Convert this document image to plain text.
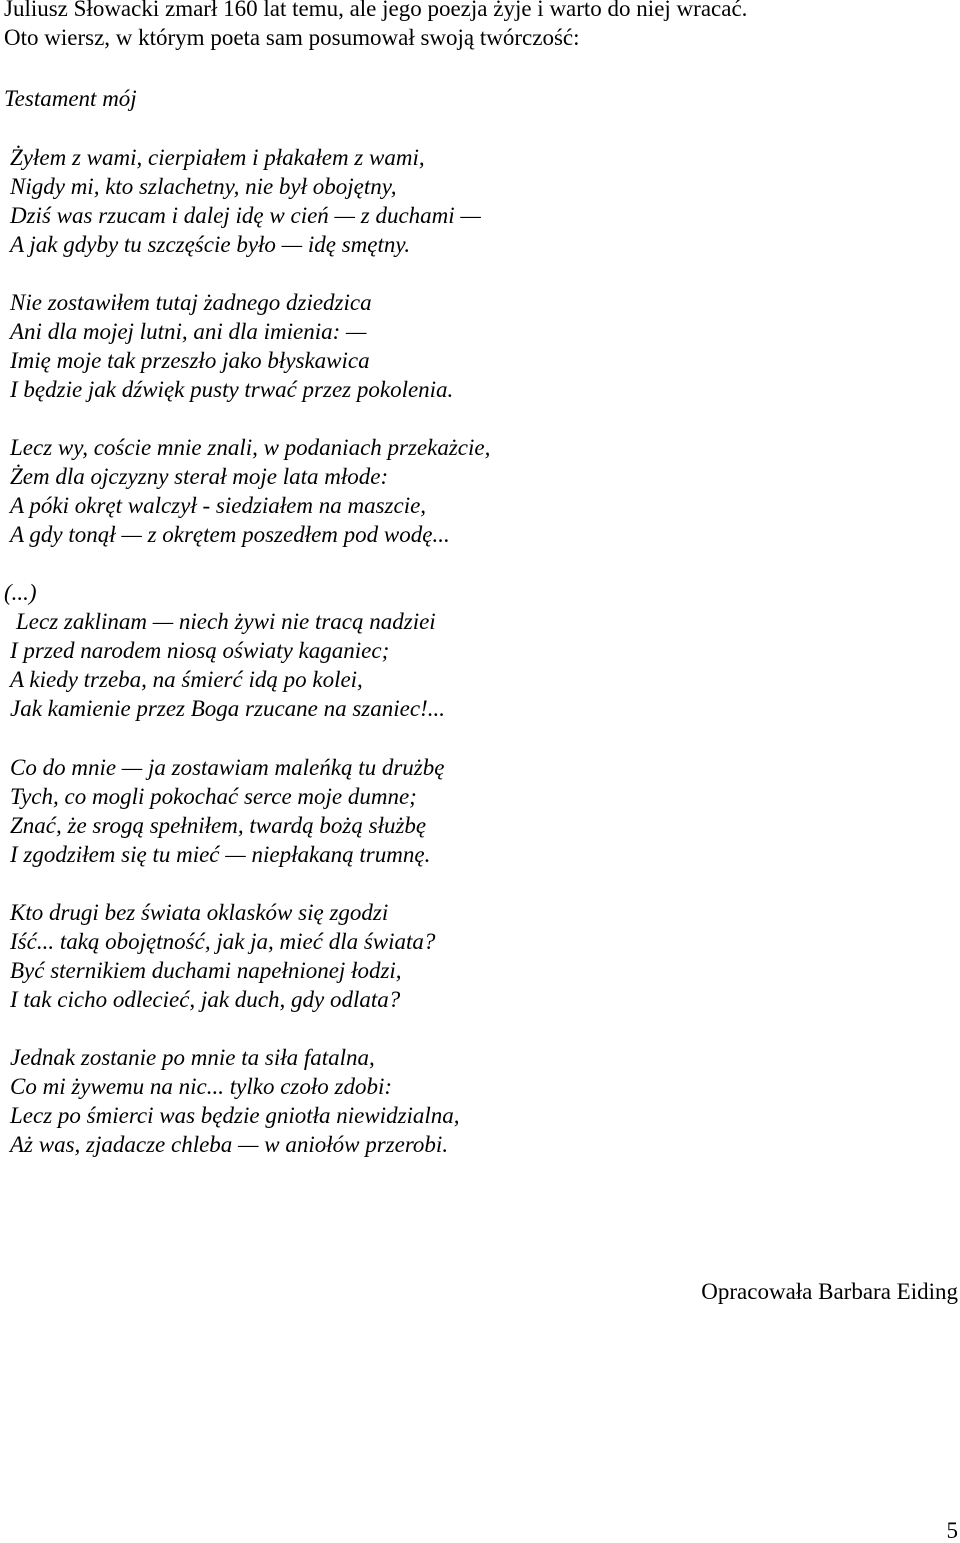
Juliusz Słowacki zmarł 160 lat temu, ale jego poezja żyje i warto do niej wracać.
Oto wiersz, w którym poeta sam posumował swoją twórczość:
Testament mój
Żyłem z wami, cierpiałem i płakałem z wami,
Nigdy mi, kto szlachetny, nie był obojętny,
Dziś was rzucam i dalej idę w cień — z duchami —
A jak gdyby tu szczęście było — idę smętny.
Nie zostawiłem tutaj żadnego dziedzica
Ani dla mojej lutni, ani dla imienia: —
Imię moje tak przeszło jako błyskawica
I będzie jak dźwięk pusty trwać przez pokolenia.
Lecz wy, coście mnie znali, w podaniach przekażcie,
Żem dla ojczyzny sterał moje lata młode:
A póki okręt walczył - siedziałem na maszcie,
A gdy tonął — z okrętem poszedłem pod wodę...
(...)
Lecz zaklinam — niech żywi nie tracą nadziei
I przed narodem niosą oświaty kaganiec;
A kiedy trzeba, na śmierć idą po kolei,
Jak kamienie przez Boga rzucane na szaniec!...
Co do mnie — ja zostawiam maleńką tu drużbę
Tych, co mogli pokochać serce moje dumne;
Znać, że srogą spełniłem, twardą bożą służbę
I zgodziłem się tu mieć — niepłakaną trumnę.
Kto drugi bez świata oklasków się zgodzi
Iść... taką obojętność, jak ja, mieć dla świata?
Być sternikiem duchami napełnionej łodzi,
I tak cicho odlecieć, jak duch, gdy odlata?
Jednak zostanie po mnie ta siła fatalna,
Co mi żywemu na nic... tylko czoło zdobi:
Lecz po śmierci was będzie gniotła niewidzialna,
Aż was, zjadacze chleba — w aniołów przerobi.
Opracowała Barbara Eiding
5
